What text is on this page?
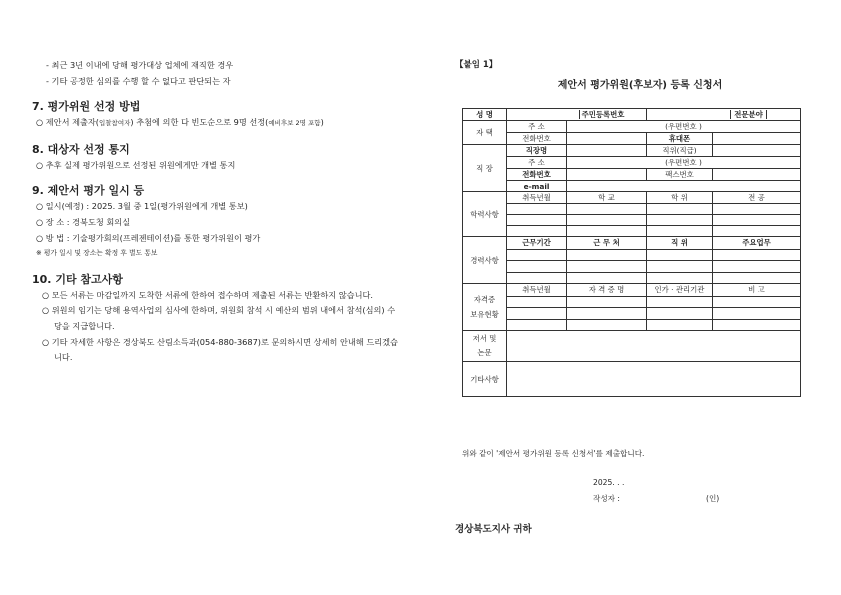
- 최근 3년 이내에 당해 평가대상 업체에 재직한 경우
- 기타 공정한 심의를 수행 할 수 없다고 판단되는 자
7. 평가위원 선정 방법
○ 제안서 제출자(입찰참여자) 추첨에 의한 다 빈도순으로 9명 선정(예비후보 2명 포함)
8. 대상자 선정 통지
○ 추후 실제 평가위원으로 선정된 위원에게만 개별 통지
9. 제안서 평가 일시 등
○ 일시(예정) : 2025. 3월 중 1일(평가위원에게 개별 통보)
○ 장 소 : 경북도청 회의실
○ 방 법 : 기술평가회의(프레젠테이션)를 통한 평가위원이 평가
※ 평가 일시 및 장소는 확정 후 별도 통보
10. 기타 참고사항
○ 모든 서류는 마감일까지 도착한 서류에 한하여 접수하며 제출된 서류는 반환하지 않습니다.
○ 위원의 임기는 당해 용역사업의 심사에 한하며, 위원회 참석 시 예산의 범위 내에서 참석(심의) 수당을 지급합니다.
○ 기타 자세한 사항은 경상북도 산림소득과(054-880-3687)로 문의하시면 상세히 안내해 드리겠습니다.
【붙임 1】
제안서 평가위원(후보자) 등록 신청서
성 명	주민등록번호		전문분야	
자 택	주 소	(우편번호 )		
	전화번호		휴대폰	
직 장	직장명		직위(직급)	
	주 소	(우편번호 )		
	전화번호		팩스번호	
	e-mail			
학력사항	취득년월	학 교	학 위	전 공

경력사항	근무기간	근 무 처	직 위	주요업무

자격증
보유현황	취득년월	자 격 증 명	인가 · 관리기관	비 고

저서 및
논문				
기타사항				
위와 같이 '제안서 평가위원 등록 신청서'를 제출합니다.
2025. . .
작성자 :	(인)
경상북도지사 귀하
